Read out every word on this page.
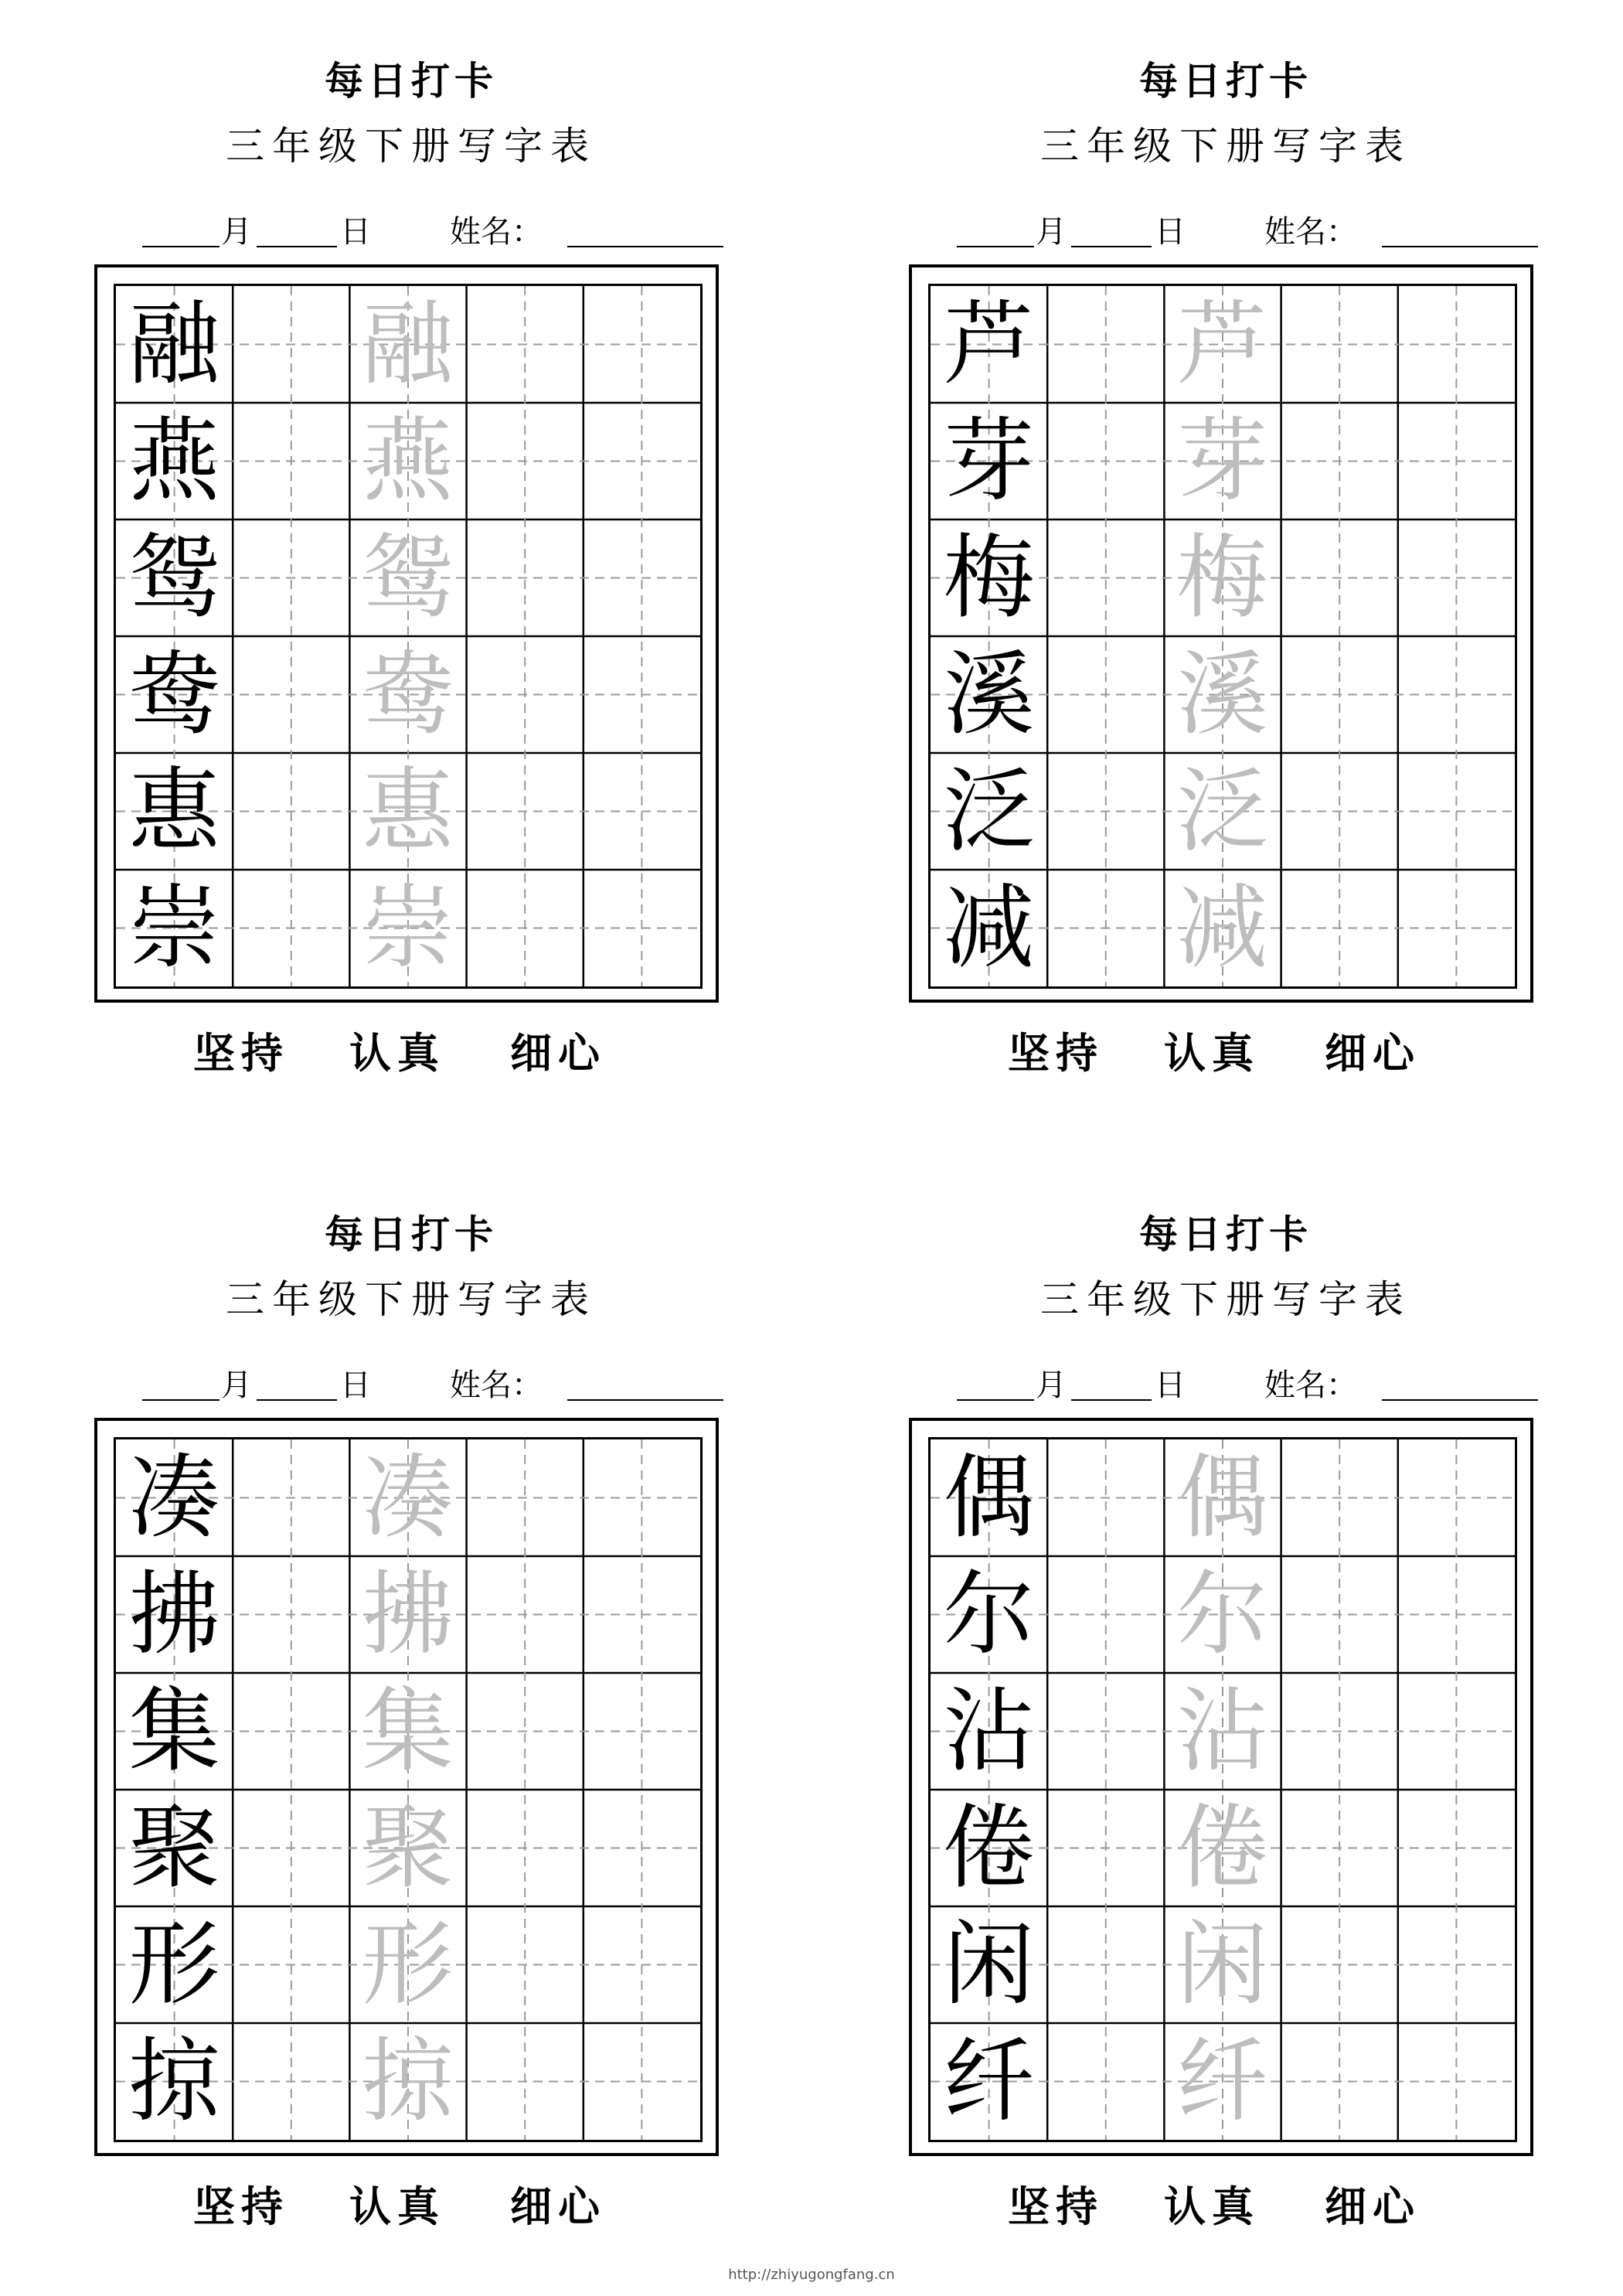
每日打卡
三年级下册写字表
月	日	姓名：
融 融
燕 燕
鸳 鸳
鸯 鸯
惠 惠
崇 崇
坚持 认真 细心
每日打卡
三年级下册写字表
月	日	姓名：
芦 芦
芽 芽
梅 梅
溪 溪
泛 泛
减 减
坚持 认真 细心
每日打卡
三年级下册写字表
月	日	姓名：
凑 凑
拂 拂
集 集
聚 聚
形 形
掠 掠
坚持 认真 细心
每日打卡
三年级下册写字表
月	日	姓名：
偶 偶
尔 尔
沾 沾
倦 倦
闲 闲
纤 纤
坚持 认真 细心
http://zhiyugongfang.cn
